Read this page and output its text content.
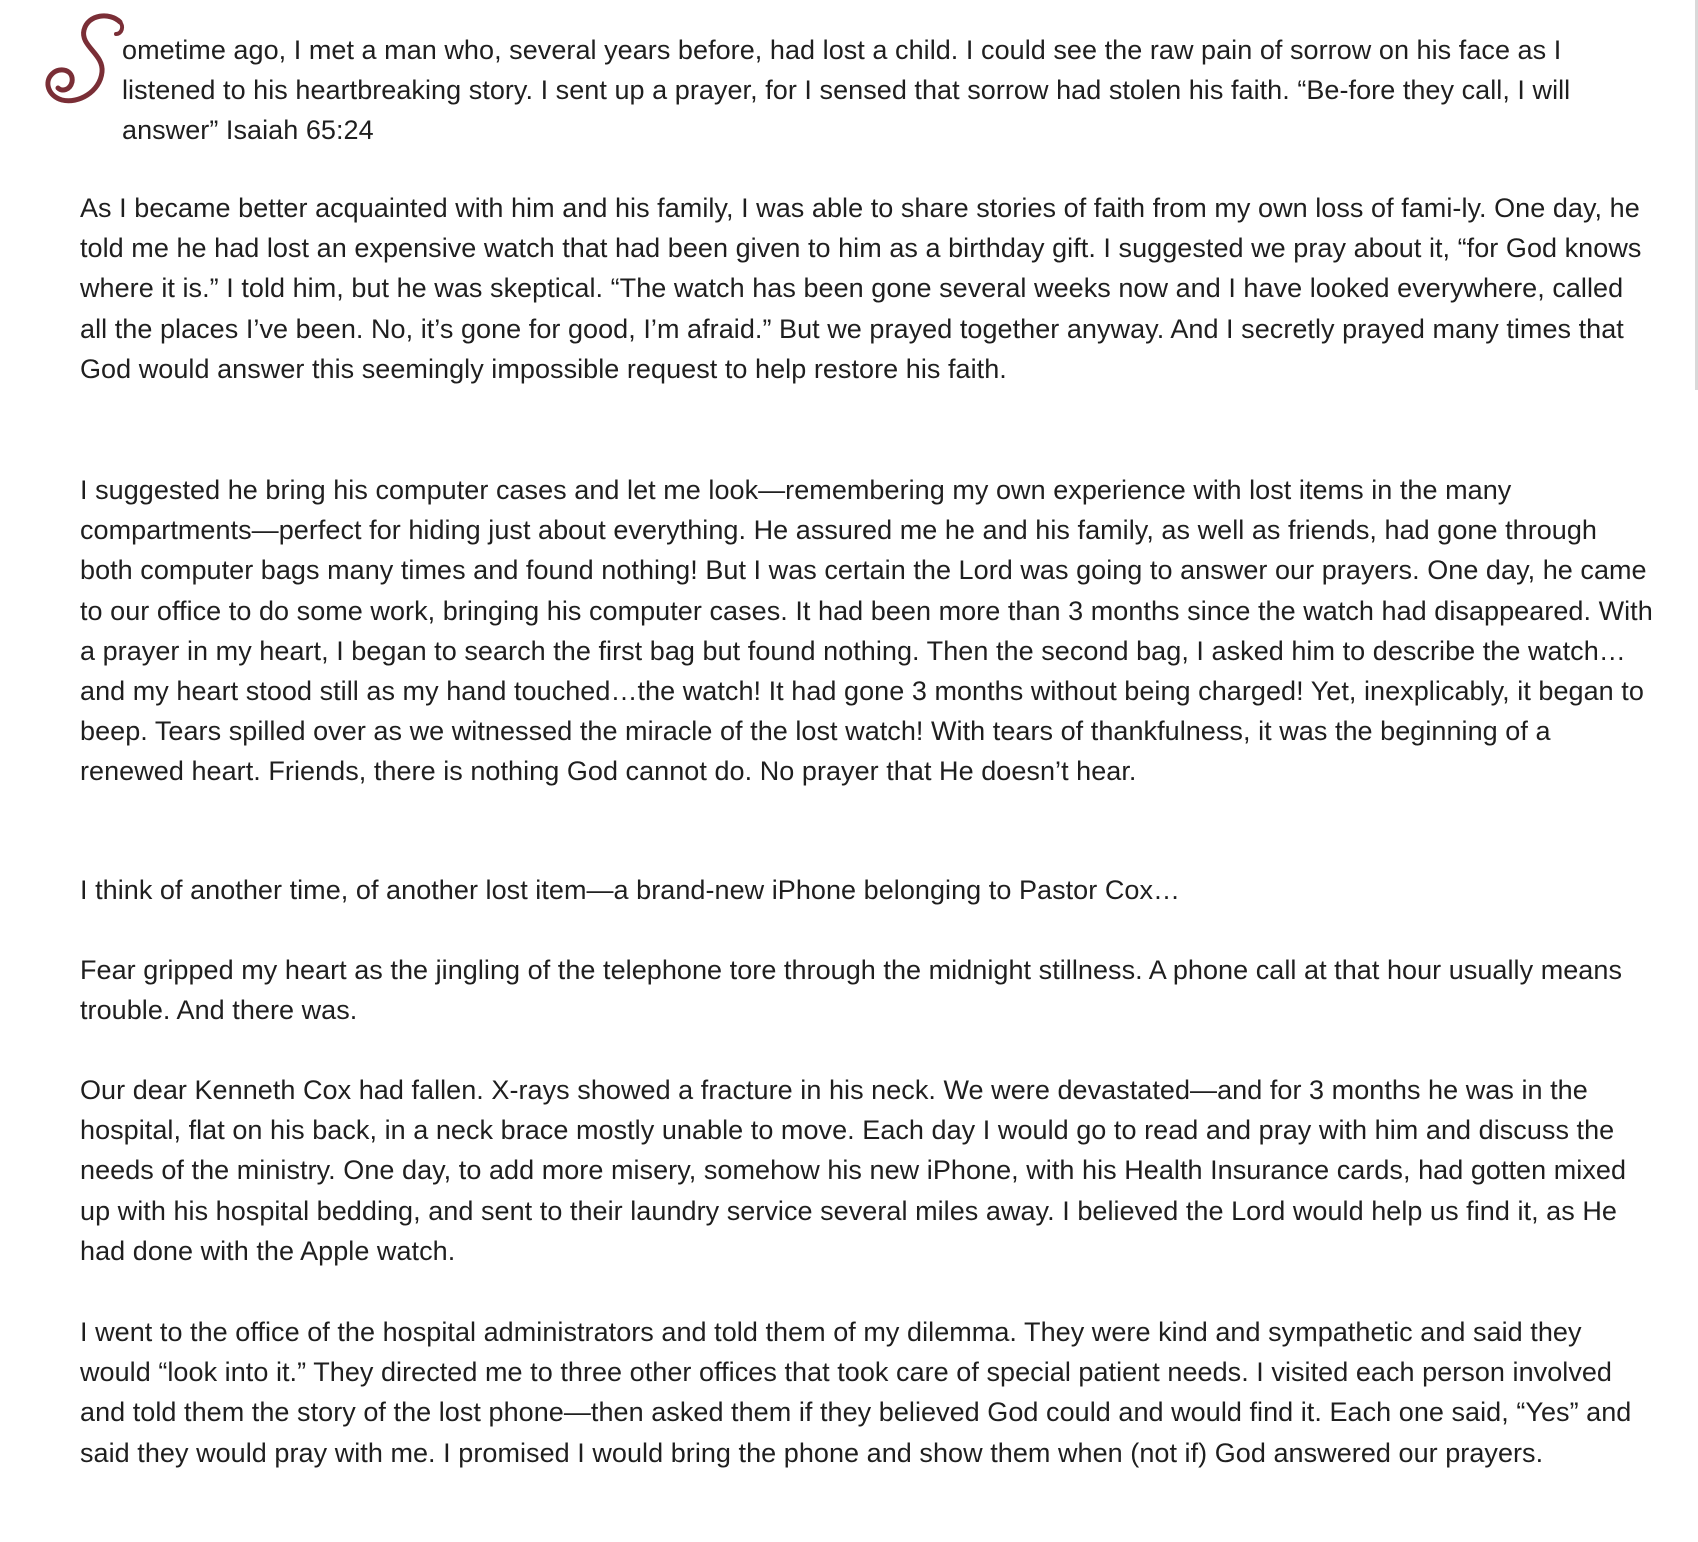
ometime ago, I met a man who, several years before, had lost a child. I could see the raw pain of sorrow on his face as I listened to his heartbreaking story. I sent up a prayer, for I sensed that sorrow had stolen his faith. “Be-fore they call, I will answer” Isaiah 65:24

As I became better acquainted with him and his family, I was able to share stories of faith from my own loss of fami-ly. One day, he told me he had lost an expensive watch that had been given to him as a birthday gift. I suggested we pray about it, “for God knows where it is.” I told him, but he was skeptical. “The watch has been gone several weeks now and I have looked everywhere, called all the places I’ve been. No, it’s gone for good, I’m afraid.” But we prayed together anyway. And I secretly prayed many times that God would answer this seemingly impossible request to help restore his faith.

I suggested he bring his computer cases and let me look—remembering my own experience with lost items in the many compartments—perfect for hiding just about everything. He assured me he and his family, as well as friends, had gone through both computer bags many times and found nothing! But I was certain the Lord was going to answer our prayers. One day, he came to our office to do some work, bringing his computer cases. It had been more than 3 months since the watch had disappeared. With a prayer in my heart, I began to search the first bag but found nothing. Then the second bag, I asked him to describe the watch…and my heart stood still as my hand touched…the watch! It had gone 3 months without being charged! Yet, inexplicably, it began to beep. Tears spilled over as we witnessed the miracle of the lost watch! With tears of thankfulness, it was the beginning of a renewed heart. Friends, there is nothing God cannot do. No prayer that He doesn’t hear.

I think of another time, of another lost item—a brand-new iPhone belonging to Pastor Cox…

Fear gripped my heart as the jingling of the telephone tore through the midnight stillness. A phone call at that hour usually means trouble. And there was.

Our dear Kenneth Cox had fallen. X-rays showed a fracture in his neck. We were devastated—and for 3 months he was in the hospital, flat on his back, in a neck brace mostly unable to move. Each day I would go to read and pray with him and discuss the needs of the ministry. One day, to add more misery, somehow his new iPhone, with his Health Insurance cards, had gotten mixed up with his hospital bedding, and sent to their laundry service several miles away. I believed the Lord would help us find it, as He had done with the Apple watch.

I went to the office of the hospital administrators and told them of my dilemma. They were kind and sympathetic and said they would “look into it.” They directed me to three other offices that took care of special patient needs. I visited each person involved and told them the story of the lost phone—then asked them if they believed God could and would find it. Each one said, “Yes” and said they would pray with me. I promised I would bring the phone and show them when (not if) God answered our prayers.
